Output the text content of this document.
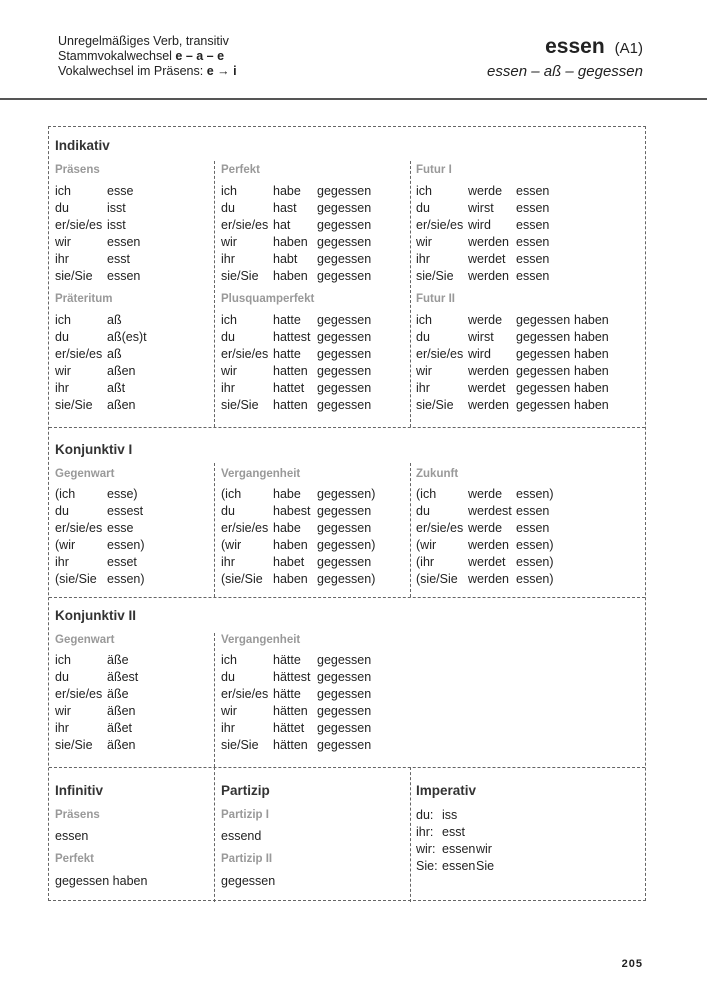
Unregelmäßiges Verb, transitiv
Stammvokalwechsel e – a – e
Vokalwechsel im Präsens: e → i
essen (A1)
essen – aß – gegessen
Indikativ
Präsens
ich	esse
du	isst
er/sie/es isst
wir	essen
ihr	esst
sie/Sie	essen
Perfekt
ich	habe	gegessen
du	hast	gegessen
er/sie/es hat	gegessen
wir	haben gegessen
ihr	habt	gegessen
sie/Sie	haben gegessen
Futur I
ich	werde	essen
du	wirst	essen
er/sie/es wird	essen
wir	werden essen
ihr	werdet essen
sie/Sie	werden essen
Präteritum
ich	aß
du	aß(es)t
er/sie/es aß
wir	aßen
ihr	aßt
sie/Sie	aßen
Plusquamperfekt
ich	hatte	gegessen
du	hattest gegessen
er/sie/es hatte	gegessen
wir	hatten gegessen
ihr	hattet	gegessen
sie/Sie	hatten gegessen
Futur II
ich	werde	gegessen haben
du	wirst	gegessen haben
er/sie/es wird	gegessen haben
wir	werden gegessen haben
ihr	werdet gegessen haben
sie/Sie	werden gegessen haben
Konjunktiv I
Gegenwart
(ich	esse)
du	essest
er/sie/es esse
(wir	essen)
ihr	esset
(sie/Sie essen)
Vergangenheit
(ich	habe	gegessen)
du	habest gegessen
er/sie/es habe	gegessen
(wir	haben gegessen)
ihr	habet	gegessen
(sie/Sie haben gegessen)
Zukunft
(ich	werde	essen)
du	werdest essen
er/sie/es werde	essen
(wir	werden essen)
(ihr	werdet essen)
(sie/Sie werden essen)
Konjunktiv II
Gegenwart
ich	äße
du	äßest
er/sie/es äße
wir	äßen
ihr	äßet
sie/Sie	äßen
Vergangenheit
ich	hätte	gegessen
du	hättest gegessen
er/sie/es hätte	gegessen
wir	hätten gegessen
ihr	hättet	gegessen
sie/Sie	hätten gegessen
Infinitiv
Präsens
essen
Perfekt
gegessen haben
Partizip
Partizip I
essend
Partizip II
gegessen
Imperativ
du: iss
ihr: esst
wir: essen wir
Sie: essen Sie
205
